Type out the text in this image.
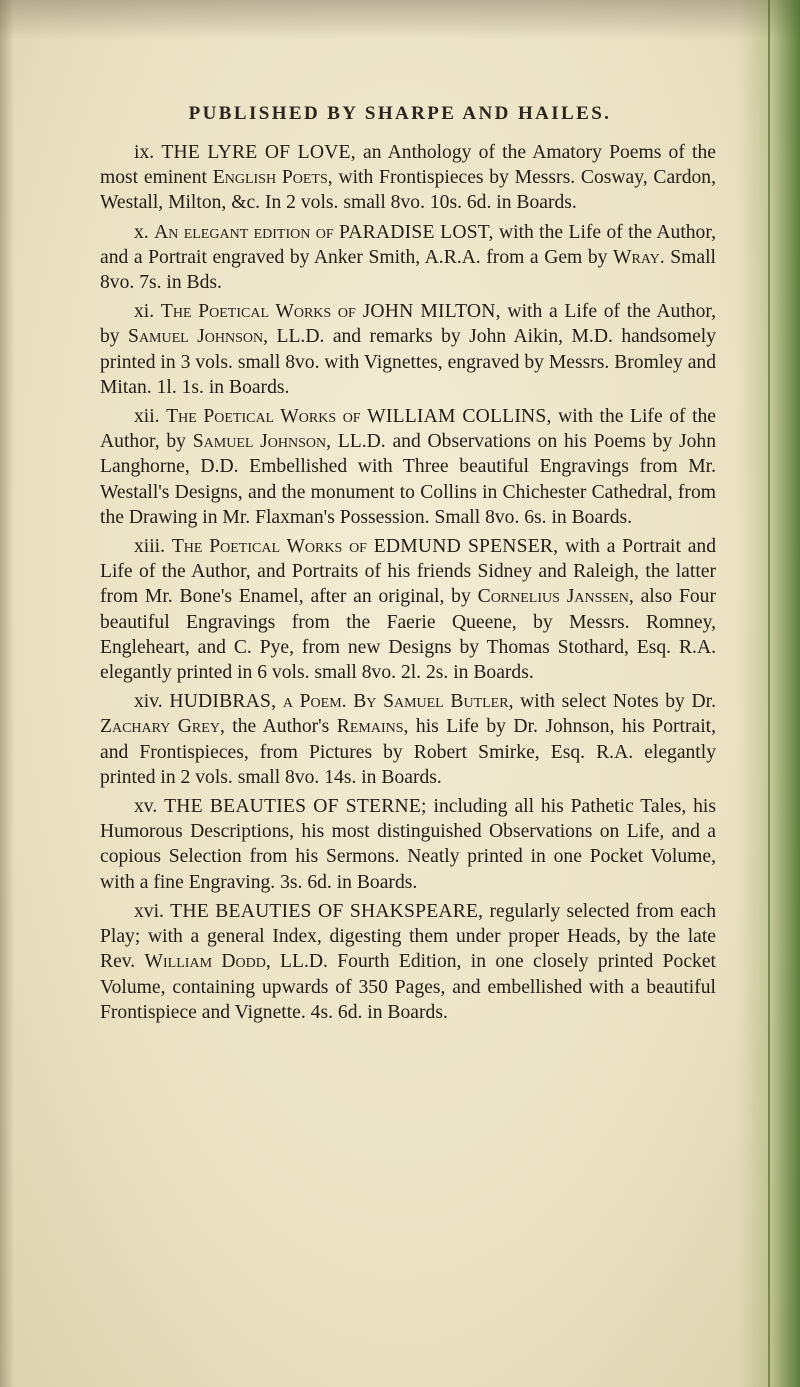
PUBLISHED BY SHARPE AND HAILES.

ix. THE LYRE OF LOVE, an Anthology of the Amatory Poems of the most eminent English Poets, with Frontispieces by Messrs. Cosway, Cardon, Westall, Milton, &c. In 2 vols. small 8vo. 10s. 6d. in Boards.

x. An elegant edition of PARADISE LOST, with the Life of the Author, and a Portrait engraved by Anker Smith, A.R.A. from a Gem by Wray. Small 8vo. 7s. in Bds.

xi. The Poetical Works of JOHN MILTON, with a Life of the Author, by Samuel Johnson, LL.D. and remarks by John Aikin, M.D. handsomely printed in 3 vols. small 8vo. with Vignettes, engraved by Messrs. Bromley and Mitan. 1l. 1s. in Boards.

xii. The Poetical Works of WILLIAM COLLINS, with the Life of the Author, by Samuel Johnson, LL.D. and Observations on his Poems by John Langhorne, D.D. Embellished with Three beautiful Engravings from Mr. Westall's Designs, and the monument to Collins in Chichester Cathedral, from the Drawing in Mr. Flaxman's Possession. Small 8vo. 6s. in Boards.

xiii. The Poetical Works of EDMUND SPENSER, with a Portrait and Life of the Author, and Portraits of his friends Sidney and Raleigh, the latter from Mr. Bone's Enamel, after an original, by Cornelius Janssen, also Four beautiful Engravings from the Faerie Queene, by Messrs. Romney, Engleheart, and C. Pye, from new Designs by Thomas Stothard, Esq. R.A. elegantly printed in 6 vols. small 8vo. 2l. 2s. in Boards.

xiv. HUDIBRAS, a Poem. By Samuel Butler, with select Notes by Dr. Zachary Grey, the Author's Remains, his Life by Dr. Johnson, his Portrait, and Frontispieces, from Pictures by Robert Smirke, Esq. R.A. elegantly printed in 2 vols. small 8vo. 14s. in Boards.

xv. THE BEAUTIES OF STERNE; including all his Pathetic Tales, his Humorous Descriptions, his most distinguished Observations on Life, and a copious Selection from his Sermons. Neatly printed in one Pocket Volume, with a fine Engraving. 3s. 6d. in Boards.

xvi. THE BEAUTIES OF SHAKSPEARE, regularly selected from each Play; with a general Index, digesting them under proper Heads, by the late Rev. William Dodd, LL.D. Fourth Edition, in one closely printed Pocket Volume, containing upwards of 350 Pages, and embellished with a beautiful Frontispiece and Vignette. 4s. 6d. in Boards.
